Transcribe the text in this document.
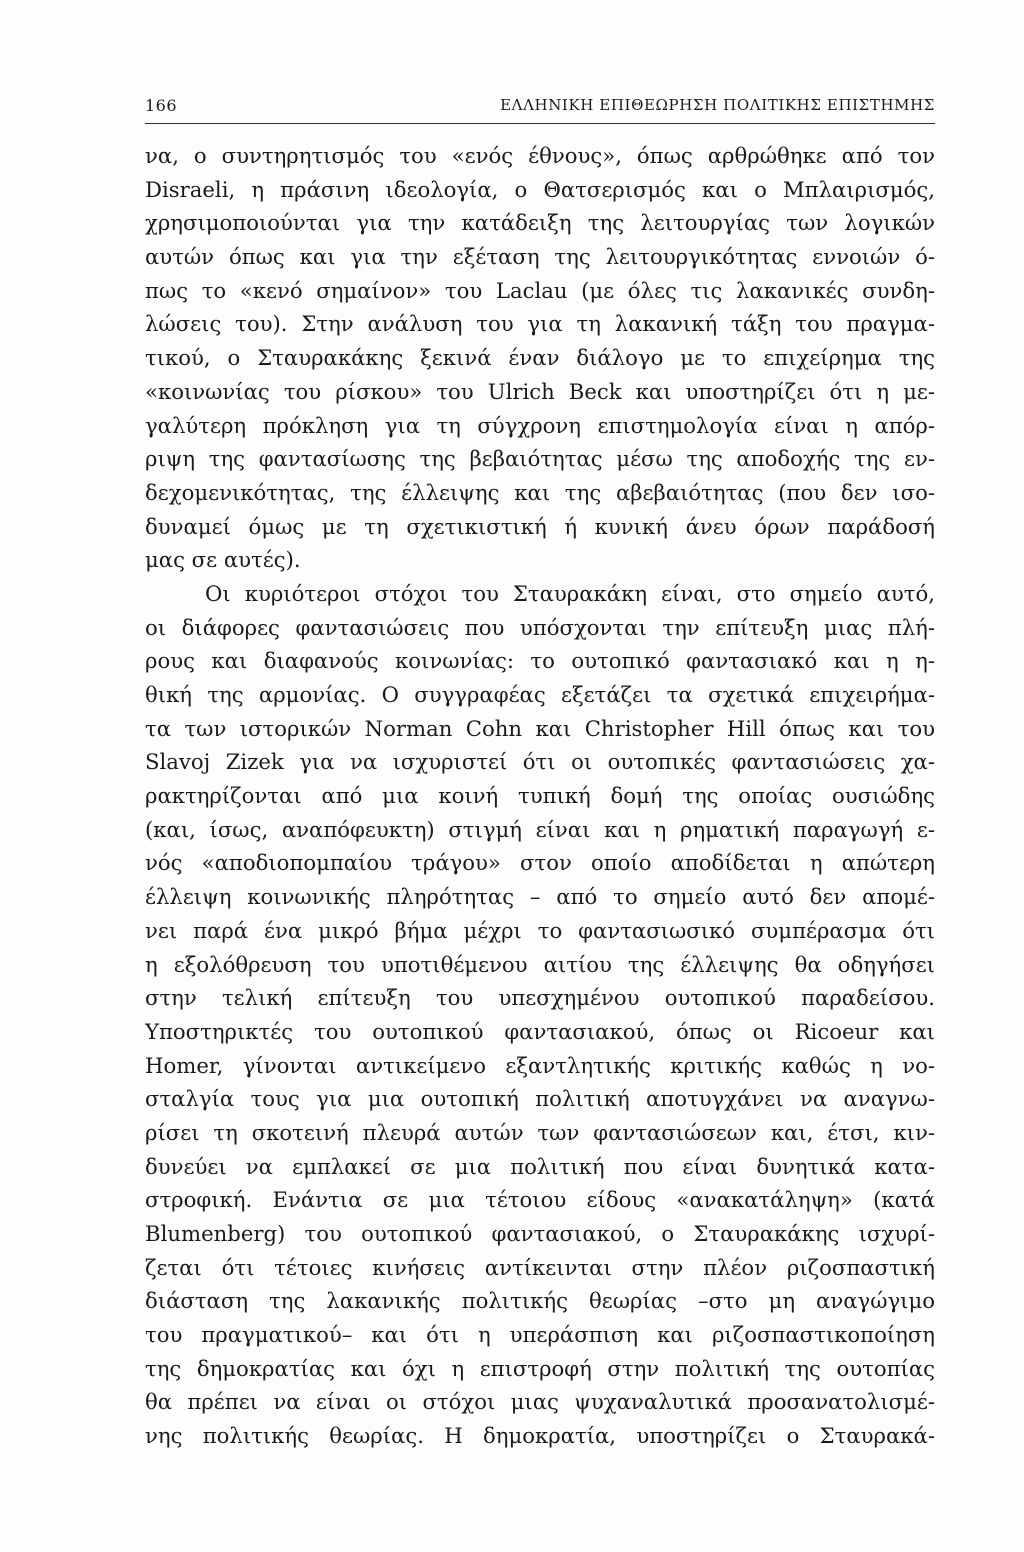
166	ΕΛΛΗΝΙΚΗ ΕΠΙΘΕΩΡΗΣΗ ΠΟΛΙΤΙΚΗΣ ΕΠΙΣΤΗΜΗΣ
να, ο συντηρητισμός του «ενός έθνους», όπως αρθρώθηκε από τον
Disraeli, η πράσινη ιδεολογία, ο Θατσερισμός και ο Μπλαιρισμός,
χρησιμοποιούνται για την κατάδειξη της λειτουργίας των λογικών
αυτών όπως και για την εξέταση της λειτουργικότητας εννοιών ό-
πως το «κενό σημαίνον» του Laclau (με όλες τις λακανικές συνδη-
λώσεις του). Στην ανάλυση του για τη λακανική τάξη του πραγμα-
τικού, ο Σταυρακάκης ξεκινά έναν διάλογο με το επιχείρημα της
«κοινωνίας του ρίσκου» του Ulrich Beck και υποστηρίζει ότι η με-
γαλύτερη πρόκληση για τη σύγχρονη επιστημολογία είναι η απόρ-
ριψη της φαντασίωσης της βεβαιότητας μέσω της αποδοχής της εν-
δεχομενικότητας, της έλλειψης και της αβεβαιότητας (που δεν ισο-
δυναμεί όμως με τη σχετικιστική ή κυνική άνευ όρων παράδοσή
μας σε αυτές).
Οι κυριότεροι στόχοι του Σταυρακάκη είναι, στο σημείο αυτό,
οι διάφορες φαντασιώσεις που υπόσχονται την επίτευξη μιας πλή-
ρους και διαφανούς κοινωνίας: το ουτοπικό φαντασιακό και η η-
θική της αρμονίας. Ο συγγραφέας εξετάζει τα σχετικά επιχειρήμα-
τα των ιστορικών Norman Cohn και Christopher Hill όπως και του
Slavoj Zizek για να ισχυριστεί ότι οι ουτοπικές φαντασιώσεις χα-
ρακτηρίζονται από μια κοινή τυπική δομή της οποίας ουσιώδης
(και, ίσως, αναπόφευκτη) στιγμή είναι και η ρηματική παραγωγή ε-
νός «αποδιοπομπαίου τράγου» στον οποίο αποδίδεται η απώτερη
έλλειψη κοινωνικής πληρότητας – από το σημείο αυτό δεν απομέ-
νει παρά ένα μικρό βήμα μέχρι το φαντασιωσικό συμπέρασμα ότι
η εξολόθρευση του υποτιθέμενου αιτίου της έλλειψης θα οδηγήσει
στην τελική επίτευξη του υπεσχημένου ουτοπικού παραδείσου.
Υποστηρικτές του ουτοπικού φαντασιακού, όπως οι Ricoeur και
Homer, γίνονται αντικείμενο εξαντλητικής κριτικής καθώς η νο-
σταλγία τους για μια ουτοπική πολιτική αποτυγχάνει να αναγνω-
ρίσει τη σκοτεινή πλευρά αυτών των φαντασιώσεων και, έτσι, κιν-
δυνεύει να εμπλακεί σε μια πολιτική που είναι δυνητικά κατα-
στροφική. Ενάντια σε μια τέτοιου είδους «ανακατάληψη» (κατά
Blumenberg) του ουτοπικού φαντασιακού, ο Σταυρακάκης ισχυρί-
ζεται ότι τέτοιες κινήσεις αντίκεινται στην πλέον ριζοσπαστική
διάσταση της λακανικής πολιτικής θεωρίας –στο μη αναγώγιμο
του πραγματικού– και ότι η υπεράσπιση και ριζοσπαστικοποίηση
της δημοκρατίας και όχι η επιστροφή στην πολιτική της ουτοπίας
θα πρέπει να είναι οι στόχοι μιας ψυχαναλυτικά προσανατολισμέ-
νης πολιτικής θεωρίας. Η δημοκρατία, υποστηρίζει ο Σταυρακά-
